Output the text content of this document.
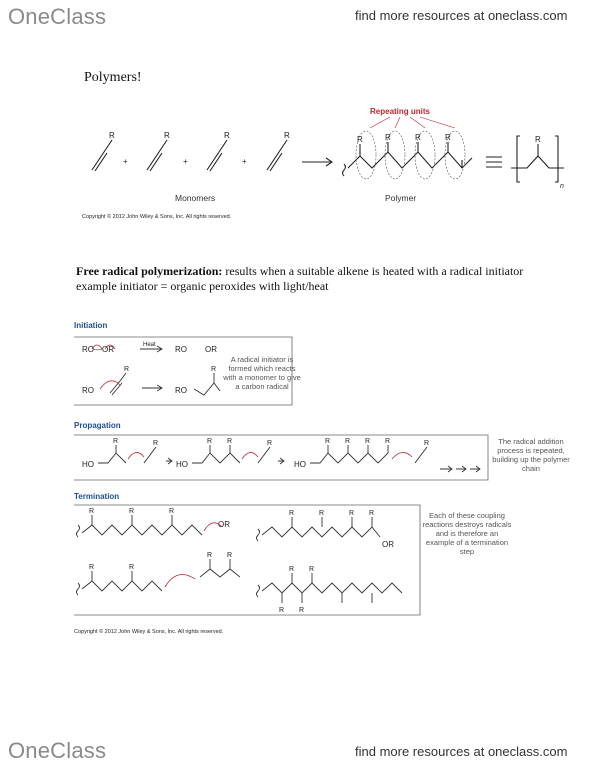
OneClass	find more resources at oneclass.com
Polymers!
R	R	R	R	R	R	R	R	R
+	+	+
n
Repeating units
Monomers	Polymer
Copyright © 2012 John Wiley & Sons, Inc. All rights reserved.
Free radical polymerization: results when a suitable alkene is heated with a radical initiator
example initiator = organic peroxides with light/heat
Initiation
RO—OR	Heat RO OR
RO
R
RO
R
A radical initiator is formed which reacts with a monomer to give a carbon radical
Propagation
HO
R	R
HO
R R	R
HO
R R R R	R	The radical addition process is repeated, building up the polymer chain
Termination
R	R	R
OR
R	R	R R
OR
R	R
R R
R R
R R
Each of these coupling reactions destroys radicals and is therefore an example of a termination step
Copyright © 2012 John Wiley & Sons, Inc. All rights reserved.
OneClass	find more resources at oneclass.com
